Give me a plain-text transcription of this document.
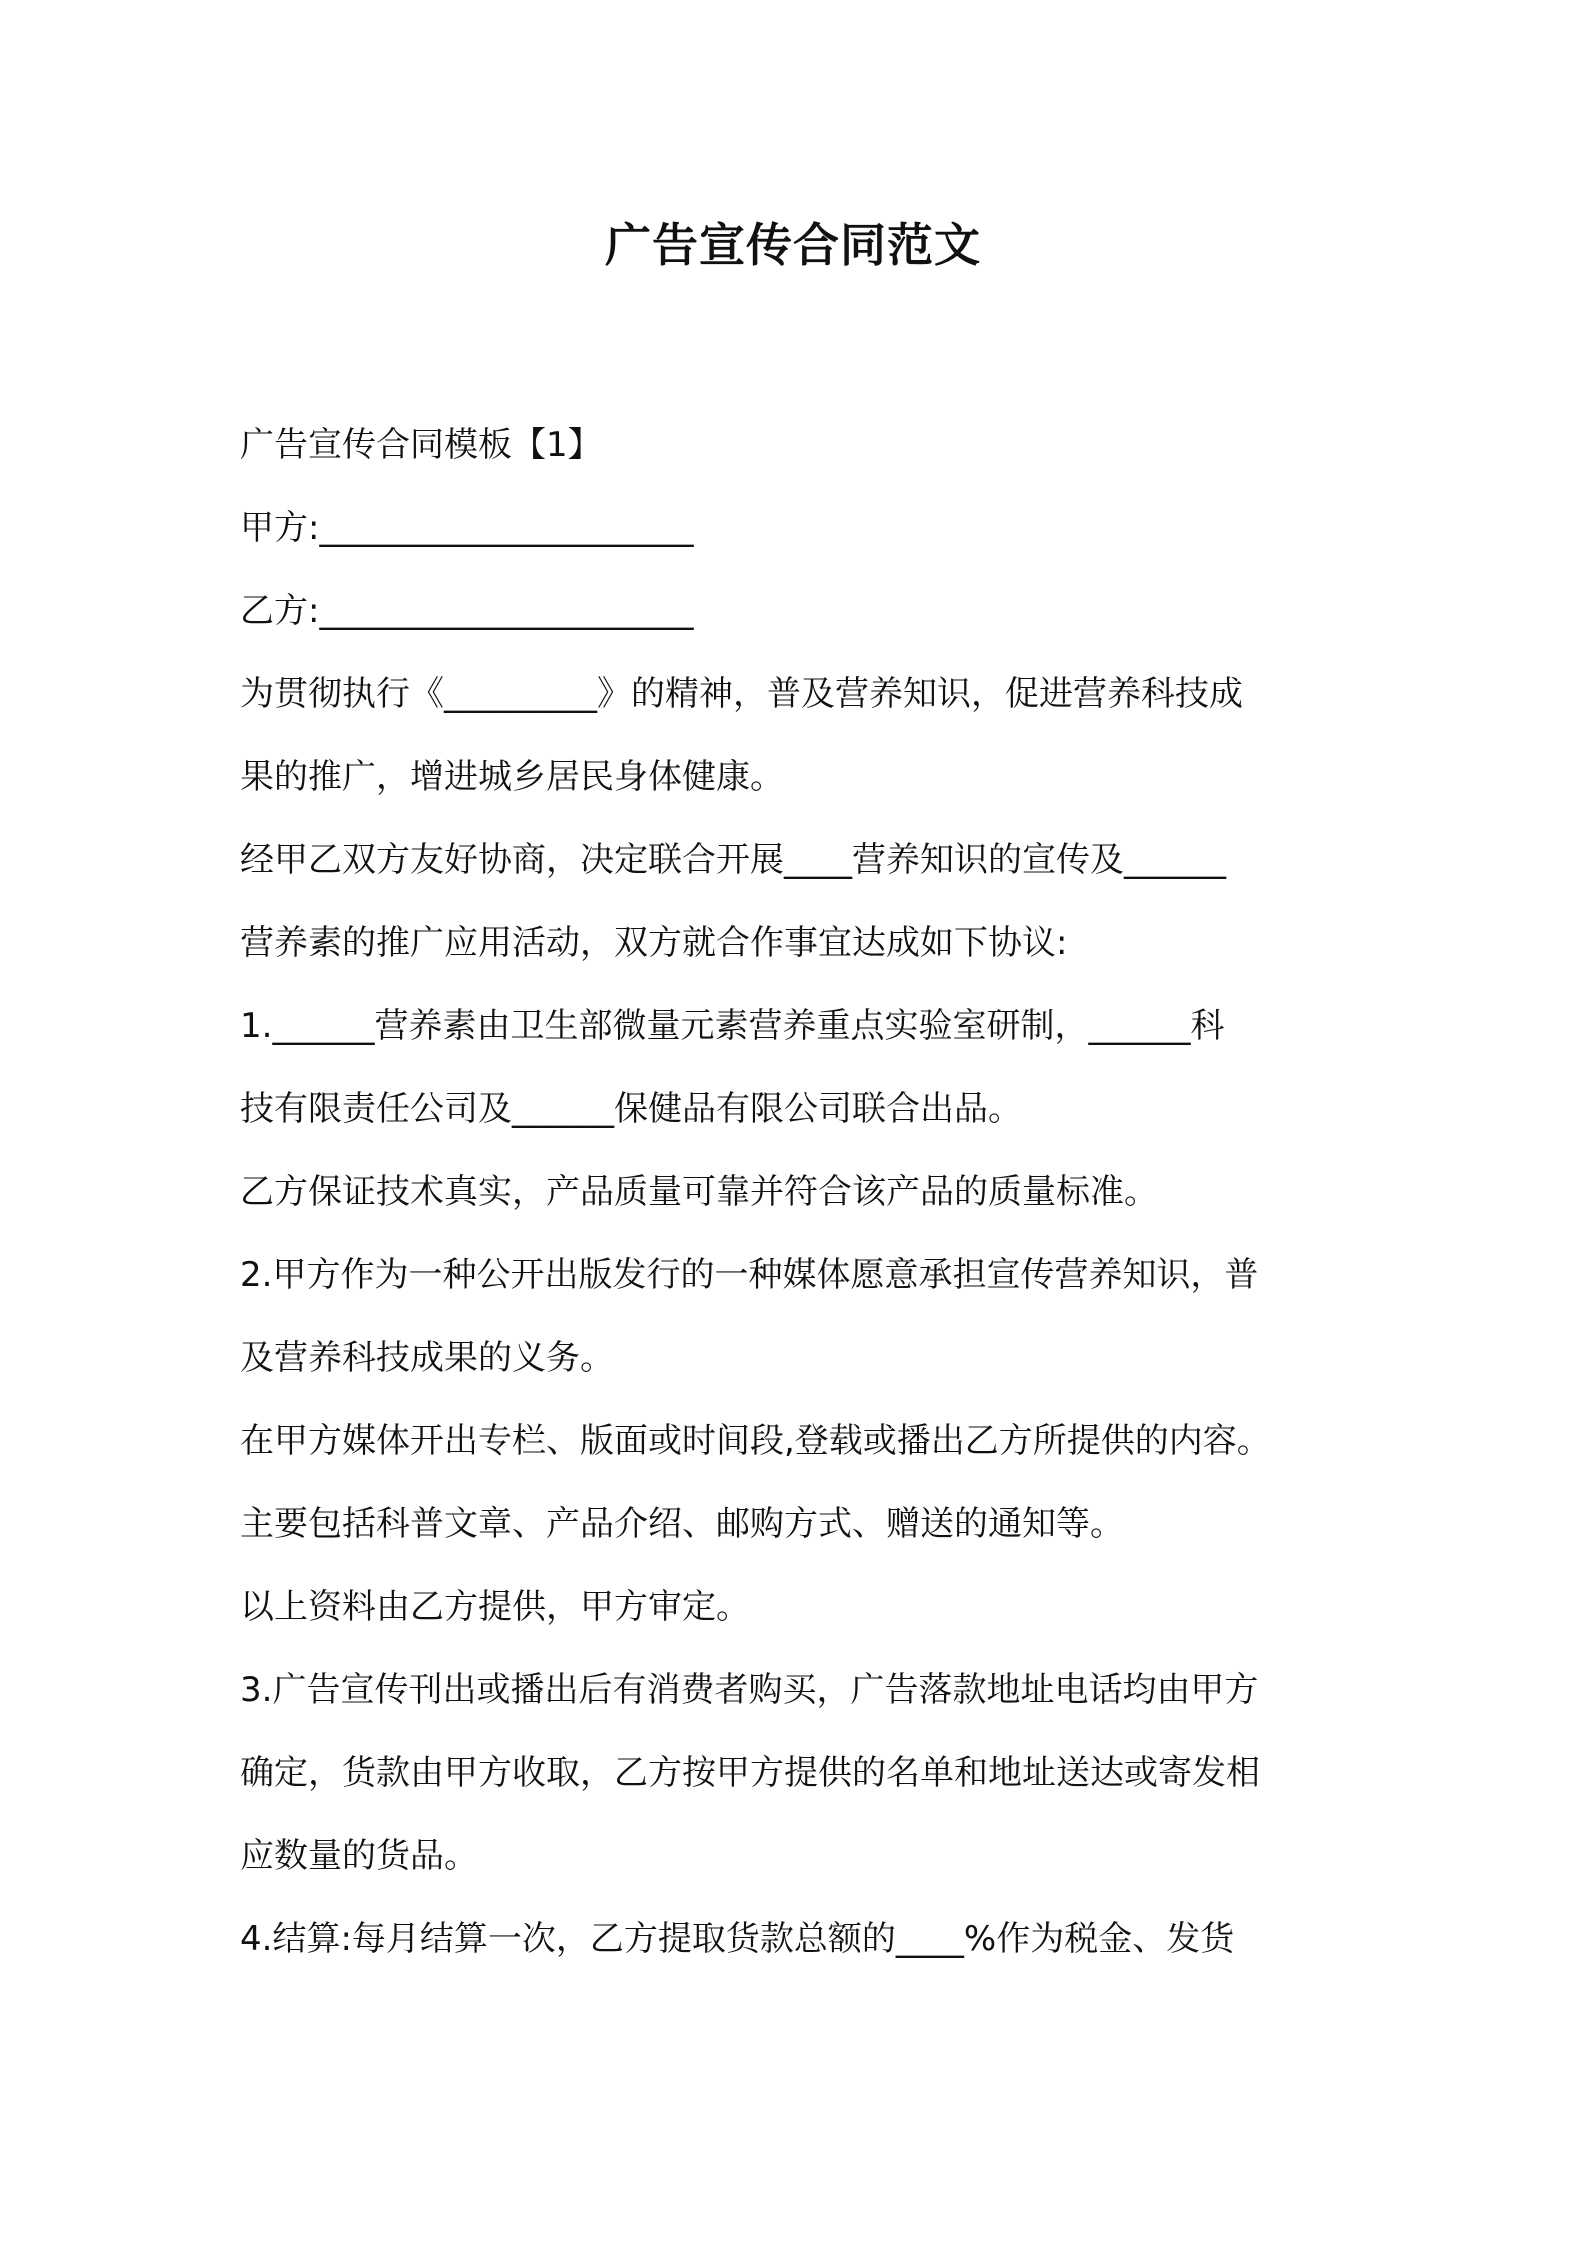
广告宣传合同范文
广告宣传合同模板【1】
甲方:______________________
乙方:______________________
为贯彻执行《_________》的精神，普及营养知识，促进营养科技成
果的推广，增进城乡居民身体健康。
经甲乙双方友好协商，决定联合开展____营养知识的宣传及______
营养素的推广应用活动，双方就合作事宜达成如下协议:
1.______营养素由卫生部微量元素营养重点实验室研制，______科
技有限责任公司及______保健品有限公司联合出品。
乙方保证技术真实，产品质量可靠并符合该产品的质量标准。
2.甲方作为一种公开出版发行的一种媒体愿意承担宣传营养知识，普
及营养科技成果的义务。
在甲方媒体开出专栏、版面或时间段,登载或播出乙方所提供的内容。
主要包括科普文章、产品介绍、邮购方式、赠送的通知等。
以上资料由乙方提供，甲方审定。
3.广告宣传刊出或播出后有消费者购买，广告落款地址电话均由甲方
确定，货款由甲方收取，乙方按甲方提供的名单和地址送达或寄发相
应数量的货品。
4.结算:每月结算一次，乙方提取货款总额的____%作为税金、发货
